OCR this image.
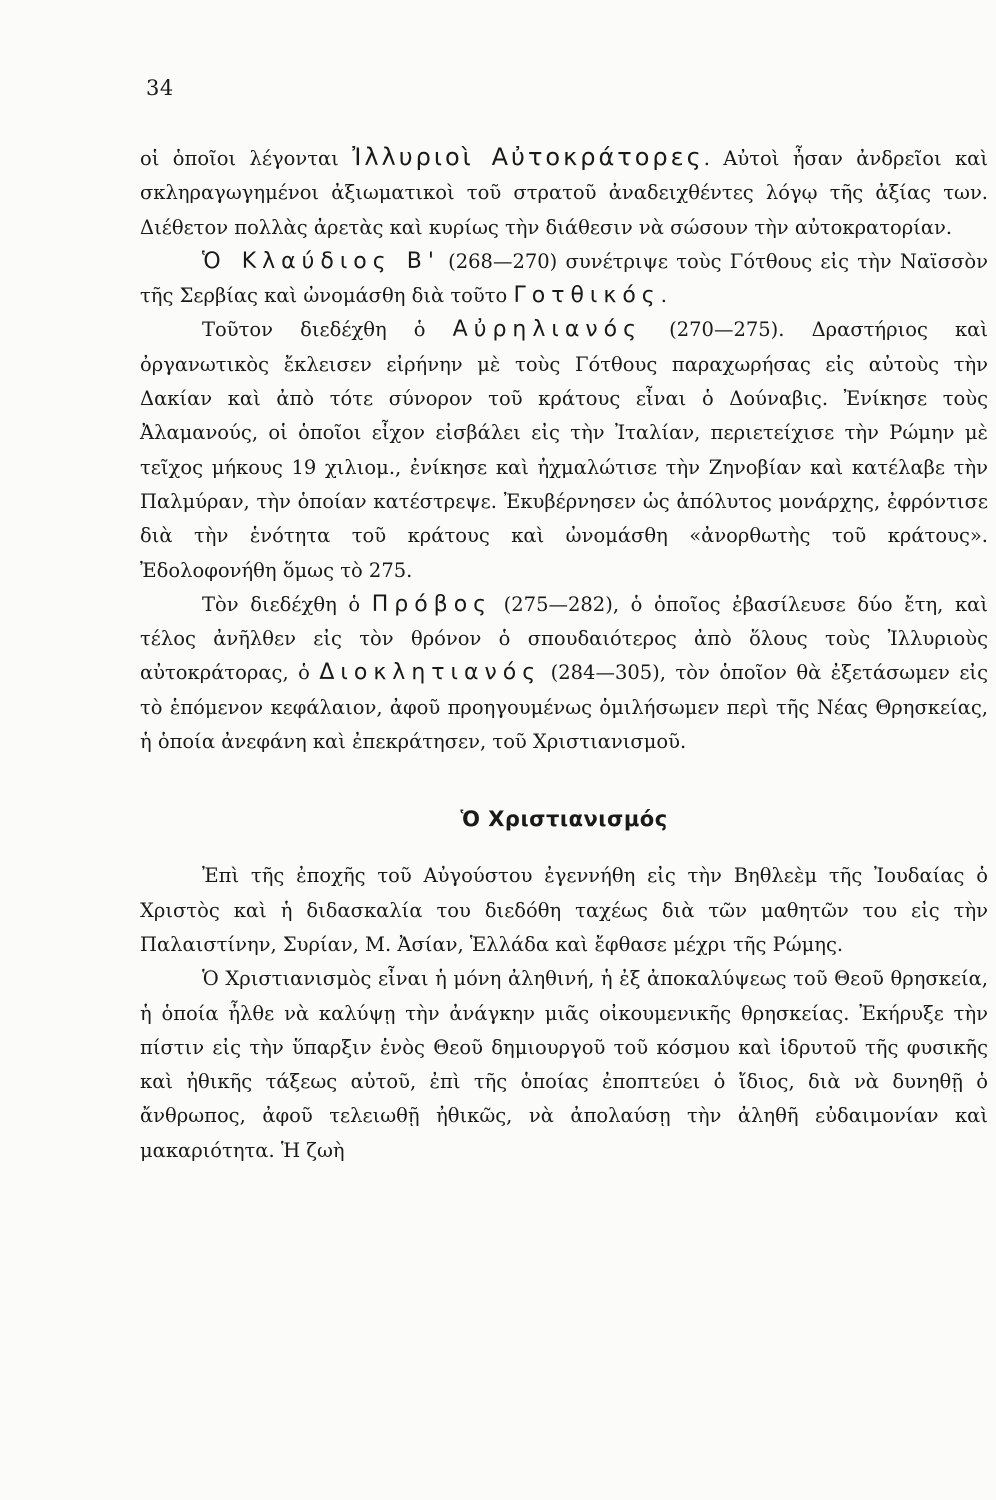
34

οἱ ὁποῖοι λέγονται Ἰλλυριοὶ Αὐτοκράτορες. Αὐτοὶ ἦσαν ἀνδρεῖοι καὶ σκληραγωγημένοι ἀξιωματικοὶ τοῦ στρατοῦ ἀναδειχθέντες λόγῳ τῆς ἀξίας των. Διέθετον πολλὰς ἀρετὰς καὶ κυρίως τὴν διάθεσιν νὰ σώσουν τὴν αὐτοκρατορίαν.

Ὁ Κλαύδιος Β' (268—270) συνέτριψε τοὺς Γότθους εἰς τὴν Ναϊσσὸν τῆς Σερβίας καὶ ὠνομάσθη διὰ τοῦτο Γοτθικός.

Τοῦτον διεδέχθη ὁ Αὐρηλιανός (270—275). Δραστήριος καὶ ὀργανωτικὸς ἔκλεισεν εἰρήνην μὲ τοὺς Γότθους παραχωρήσας εἰς αὐτοὺς τὴν Δακίαν καὶ ἀπὸ τότε σύνορον τοῦ κράτους εἶναι ὁ Δούναβις. Ἐνίκησε τοὺς Ἀλαμανούς, οἱ ὁποῖοι εἶχον εἰσβάλει εἰς τὴν Ἰταλίαν, περιετείχισε τὴν Ρώμην μὲ τεῖχος μήκους 19 χιλιομ., ἐνίκησε καὶ ἠχμαλώτισε τὴν Ζηνοβίαν καὶ κατέλαβε τὴν Παλμύραν, τὴν ὁποίαν κατέστρεψε. Ἐκυβέρνησεν ὡς ἀπόλυτος μονάρχης, ἐφρόντισε διὰ τὴν ἑνότητα τοῦ κράτους καὶ ὠνομάσθη «ἀνορθωτὴς τοῦ κράτους». Ἐδολοφονήθη ὅμως τὸ 275.

Τὸν διεδέχθη ὁ Πρόβος (275—282), ὁ ὁποῖος ἐβασίλευσε δύο ἔτη, καὶ τέλος ἀνῆλθεν εἰς τὸν θρόνον ὁ σπουδαιότερος ἀπὸ ὅλους τοὺς Ἰλλυριοὺς αὐτοκράτορας, ὁ Διοκλητιανός (284—305), τὸν ὁποῖον θὰ ἐξετάσωμεν εἰς τὸ ἑπόμενον κεφάλαιον, ἀφοῦ προηγουμένως ὁμιλήσωμεν περὶ τῆς Νέας Θρησκείας, ἡ ὁποία ἀνεφάνη καὶ ἐπεκράτησεν, τοῦ Χριστιανισμοῦ.

Ὁ Χριστιανισμός

Ἐπὶ τῆς ἐποχῆς τοῦ Αὐγούστου ἐγεννήθη εἰς τὴν Βηθλεὲμ τῆς Ἰουδαίας ὁ Χριστὸς καὶ ἡ διδασκαλία του διεδόθη ταχέως διὰ τῶν μαθητῶν του εἰς τὴν Παλαιστίνην, Συρίαν, Μ. Ἀσίαν, Ἑλλάδα καὶ ἔφθασε μέχρι τῆς Ρώμης.

Ὁ Χριστιανισμὸς εἶναι ἡ μόνη ἀληθινή, ἡ ἐξ ἀποκαλύψεως τοῦ Θεοῦ θρησκεία, ἡ ὁποία ἦλθε νὰ καλύψῃ τὴν ἀνάγκην μιᾶς οἰκουμενικῆς θρησκείας. Ἐκήρυξε τὴν πίστιν εἰς τὴν ὕπαρξιν ἑνὸς Θεοῦ δημιουργοῦ τοῦ κόσμου καὶ ἱδρυτοῦ τῆς φυσικῆς καὶ ἠθικῆς τάξεως αὐτοῦ, ἐπὶ τῆς ὁποίας ἐποπτεύει ὁ ἴδιος, διὰ νὰ δυνηθῇ ὁ ἄνθρωπος, ἀφοῦ τελειωθῇ ἠθικῶς, νὰ ἀπολαύσῃ τὴν ἀληθῆ εὐδαιμονίαν καὶ μακαριότητα. Ἡ ζωὴ
